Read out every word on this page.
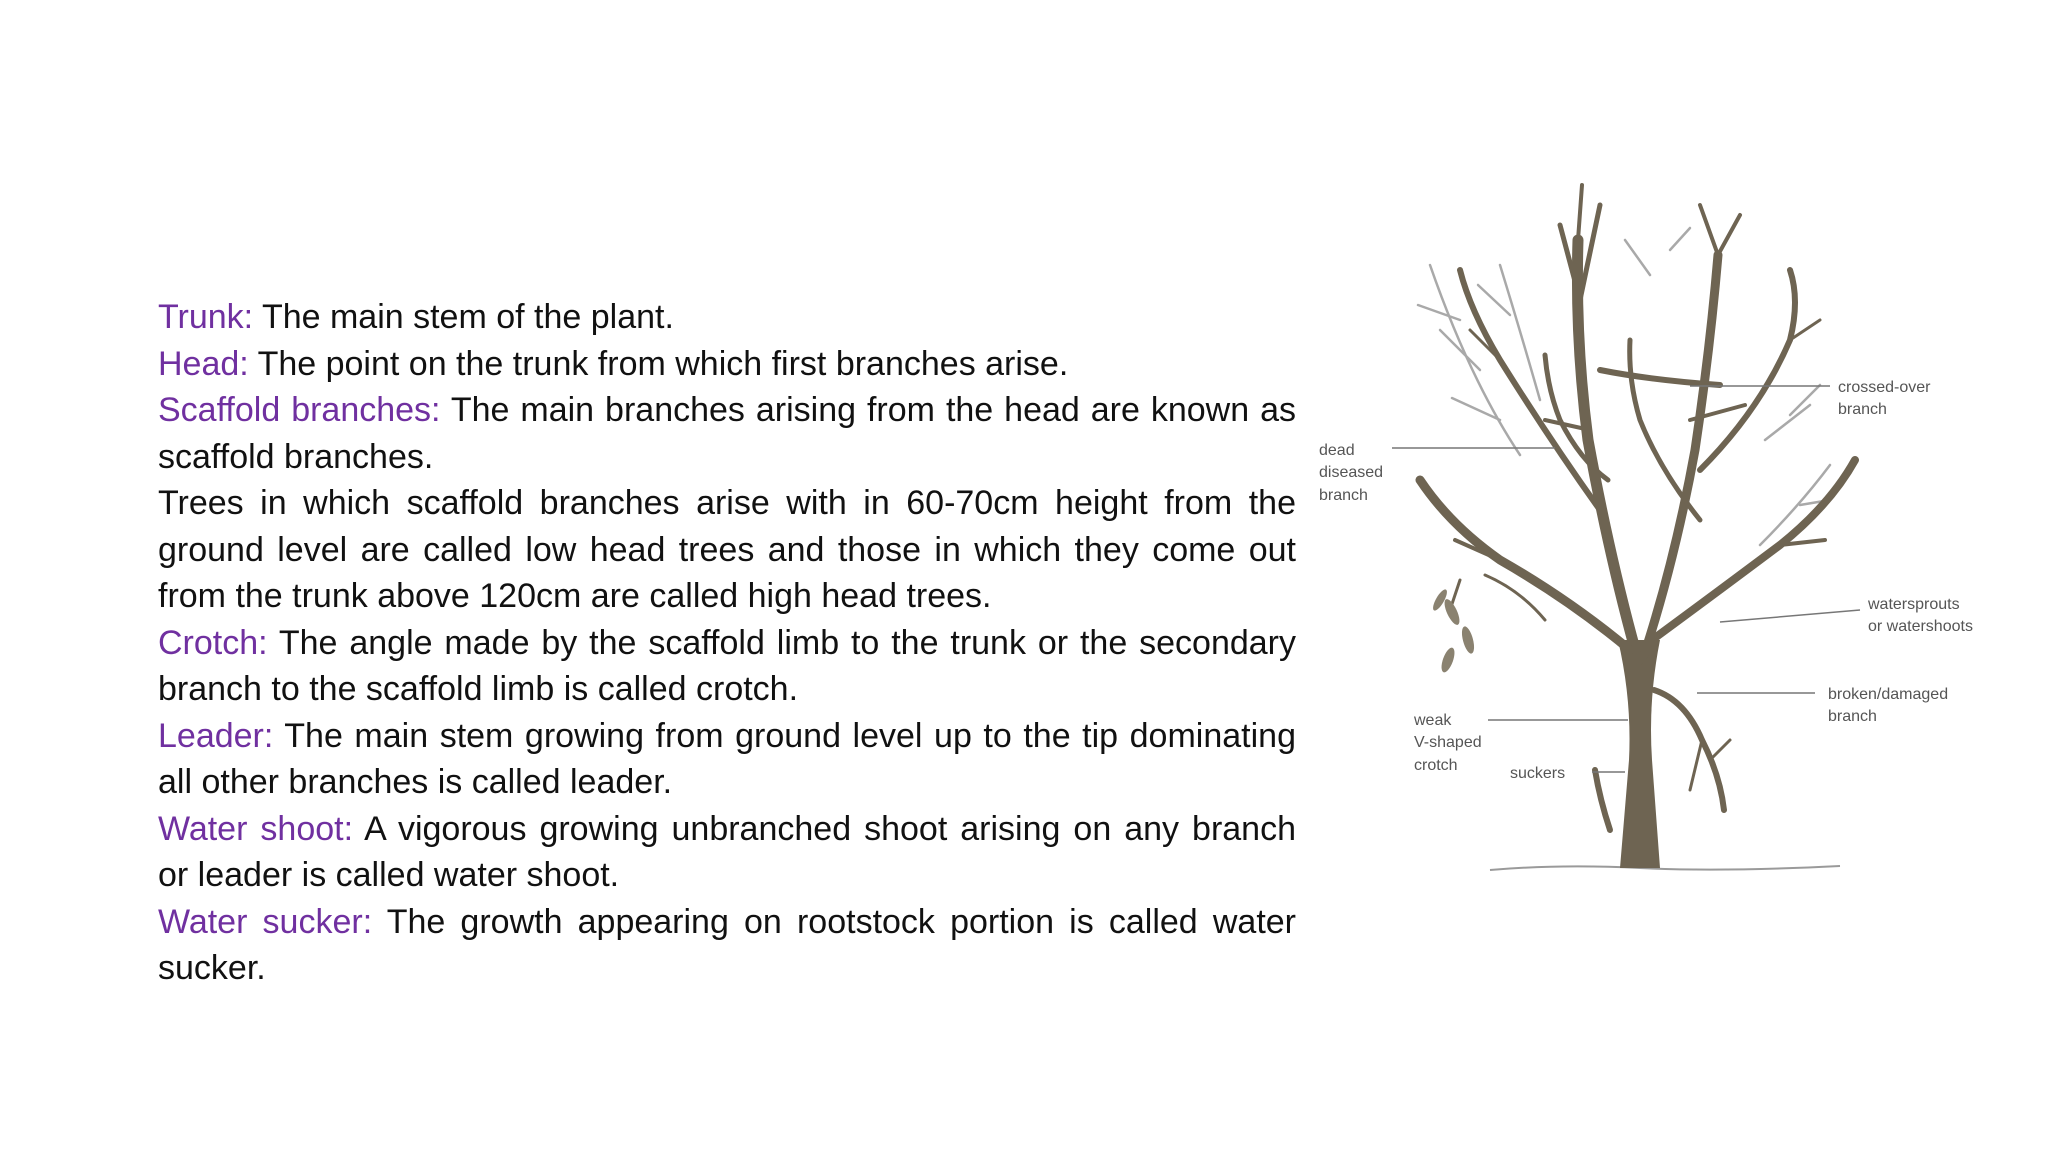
Trunk: The main stem of the plant.

Head: The point on the trunk from which first branches arise.

Scaffold branches: The main branches arising from the head are known as scaffold branches.

Trees in which scaffold branches arise with in 60-70cm height from the ground level are called low head trees and those in which they come out from the trunk above 120cm are called high head trees.

Crotch: The angle made by the scaffold limb to the trunk or the secondary branch to the scaffold limb is called crotch.

Leader: The main stem growing from ground level up to the tip dominating all other branches is called leader.

Water shoot: A vigorous growing unbranched shoot arising on any branch or leader is called water shoot.

Water sucker: The growth appearing on rootstock portion is called water sucker.

crossed-over
branch
dead
diseased
branch
watersprouts
or watershoots
broken/damaged
branch
weak
V-shaped
crotch	suckers
